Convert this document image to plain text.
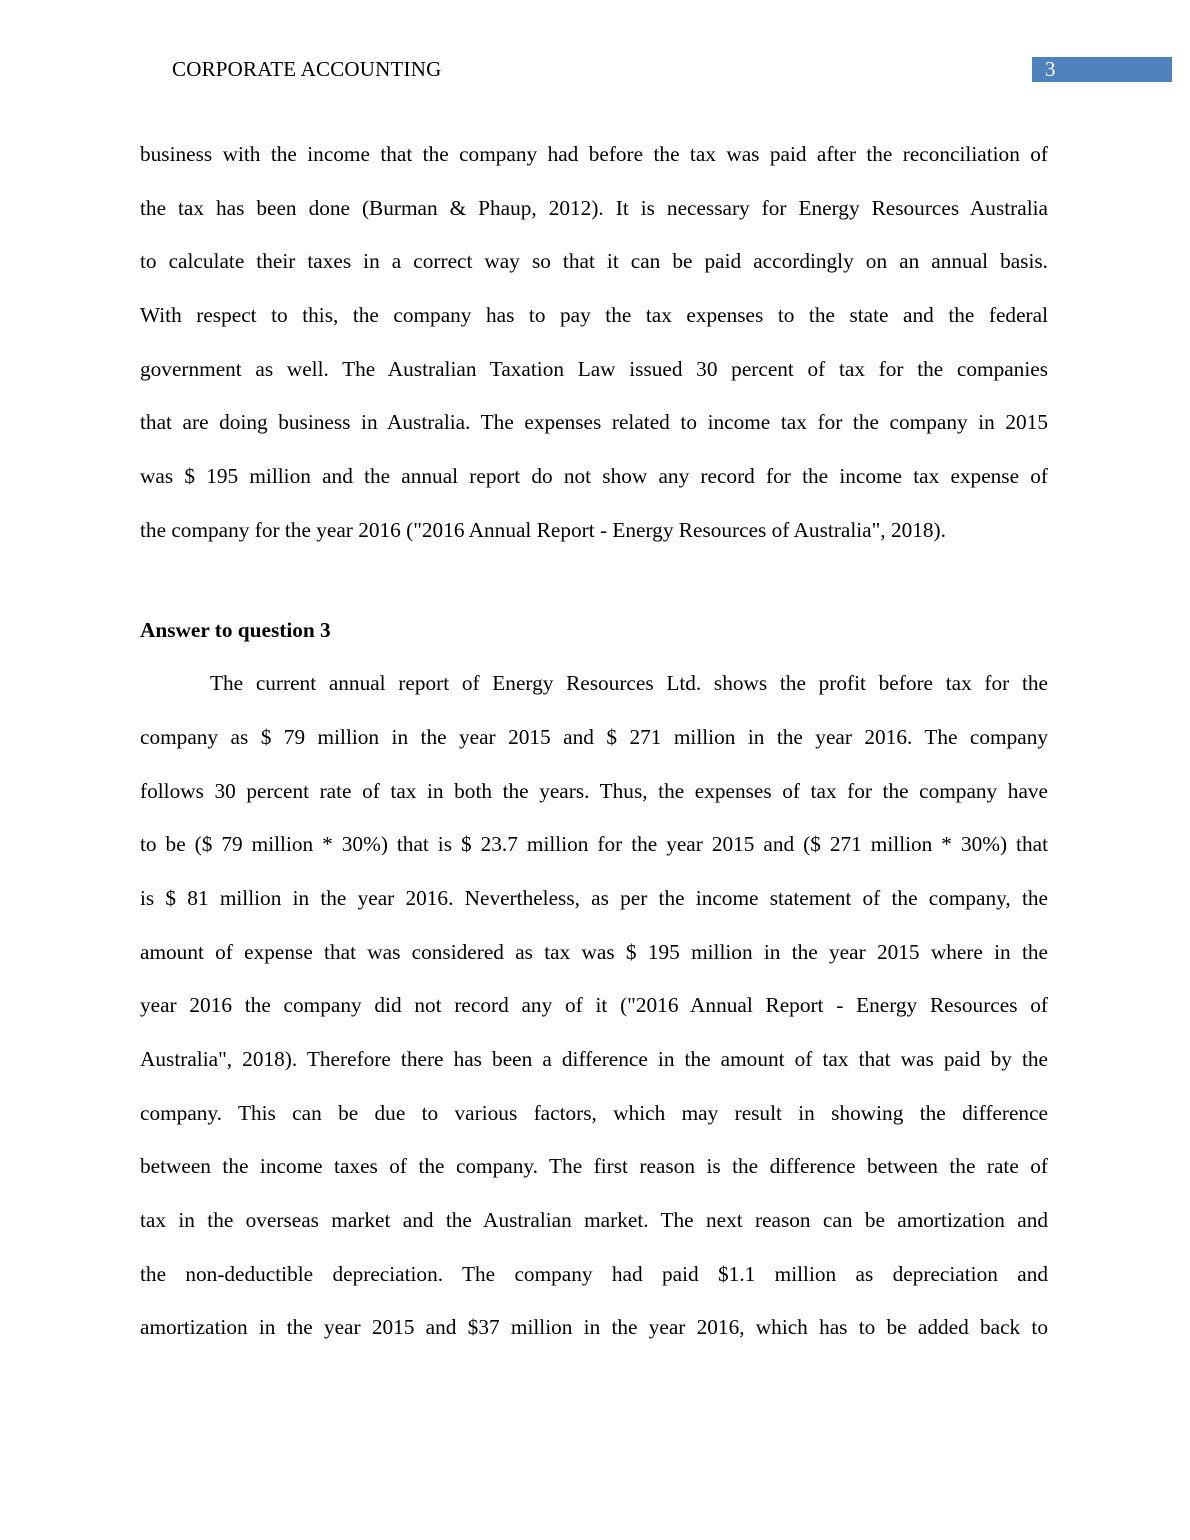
CORPORATE ACCOUNTING	3
business with the income that the company had before the tax was paid after the reconciliation of
the tax has been done (Burman & Phaup, 2012). It is necessary for Energy Resources Australia
to calculate their taxes in a correct way so that it can be paid accordingly on an annual basis.
With respect to this, the company has to pay the tax expenses to the state and the federal
government as well. The Australian Taxation Law issued 30 percent of tax for the companies
that are doing business in Australia. The expenses related to income tax for the company in 2015
was $ 195 million and the annual report do not show any record for the income tax expense of
the company for the year 2016 ("2016 Annual Report - Energy Resources of Australia", 2018).
Answer to question 3
The current annual report of Energy Resources Ltd. shows the profit before tax for the
company as $ 79 million in the year 2015 and $ 271 million in the year 2016. The company
follows 30 percent rate of tax in both the years. Thus, the expenses of tax for the company have
to be ($ 79 million * 30%) that is $ 23.7 million for the year 2015 and ($ 271 million * 30%) that
is $ 81 million in the year 2016. Nevertheless, as per the income statement of the company, the
amount of expense that was considered as tax was $ 195 million in the year 2015 where in the
year 2016 the company did not record any of it ("2016 Annual Report - Energy Resources of
Australia", 2018). Therefore there has been a difference in the amount of tax that was paid by the
company. This can be due to various factors, which may result in showing the difference
between the income taxes of the company. The first reason is the difference between the rate of
tax in the overseas market and the Australian market. The next reason can be amortization and
the non-deductible depreciation. The company had paid $1.1 million as depreciation and
amortization in the year 2015 and $37 million in the year 2016, which has to be added back to
